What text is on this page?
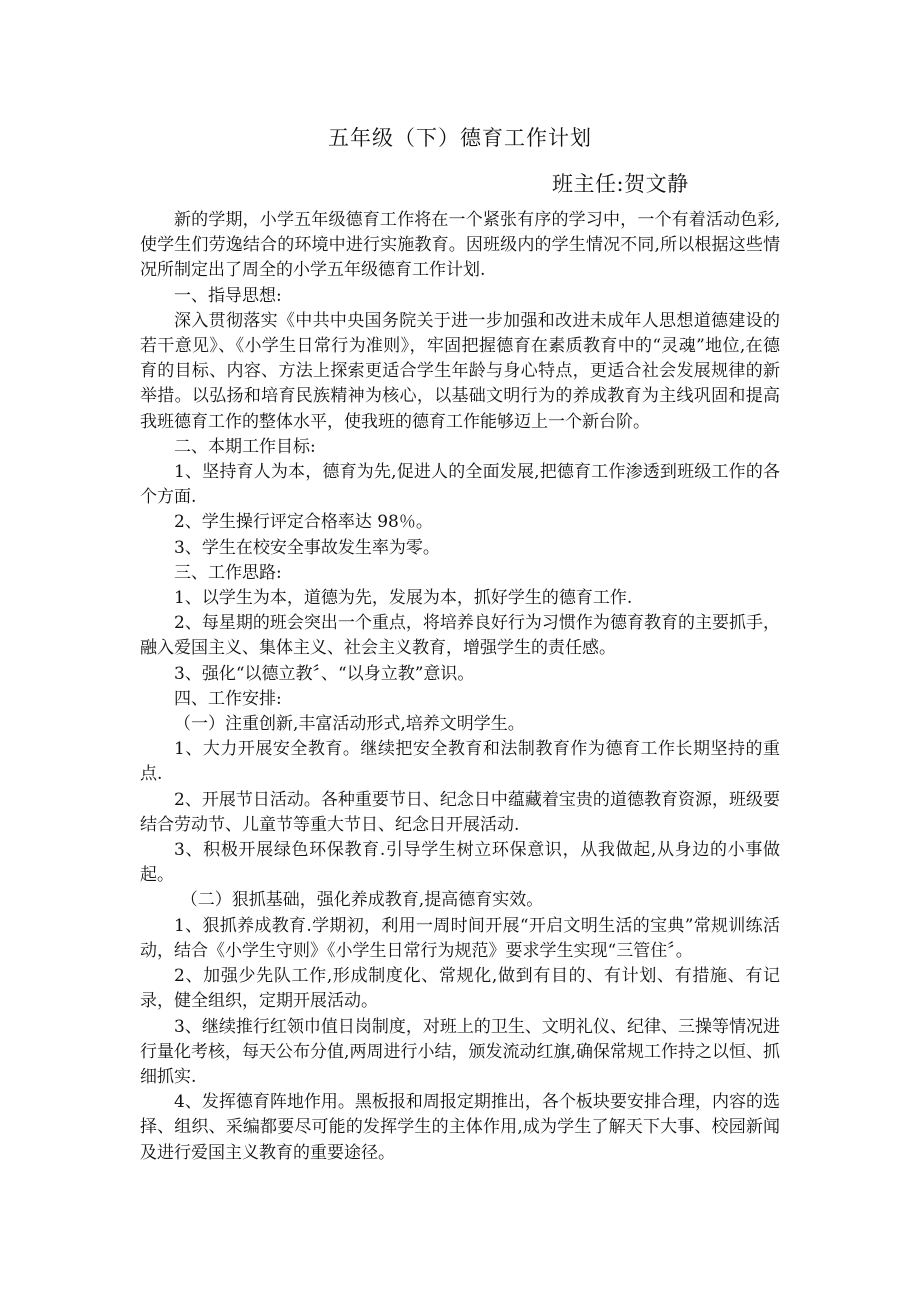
五年级（下）德育工作计划
班主任:贺文静

新的学期，小学五年级德育工作将在一个紧张有序的学习中，一个有着活动色彩,使学生们劳逸结合的环境中进行实施教育。因班级内的学生情况不同,所以根据这些情况所制定出了周全的小学五年级德育工作计划.

一、指导思想:

深入贯彻落实《中共中央国务院关于进一步加强和改进未成年人思想道德建设的若干意见》、《小学生日常行为准则》，牢固把握德育在素质教育中的“灵魂”地位,在德育的目标、内容、方法上探索更适合学生年龄与身心特点，更适合社会发展规律的新举措。以弘扬和培育民族精神为核心，以基础文明行为的养成教育为主线巩固和提高我班德育工作的整体水平，使我班的德育工作能够迈上一个新台阶。

二、本期工作目标:

1、坚持育人为本，德育为先,促进人的全面发展,把德育工作渗透到班级工作的各个方面.

2、学生操行评定合格率达 98％。

3、学生在校安全事故发生率为零。

三、工作思路:

1、以学生为本，道德为先，发展为本，抓好学生的德育工作.

2、每星期的班会突出一个重点，将培养良好行为习惯作为德育教育的主要抓手，融入爱国主义、集体主义、社会主义教育，增强学生的责任感。

3、强化“以德立教〞、“以身立教”意识。

四、工作安排:

（一）注重创新,丰富活动形式,培养文明学生。

1、大力开展安全教育。继续把安全教育和法制教育作为德育工作长期坚持的重点.

2、开展节日活动。各种重要节日、纪念日中蕴藏着宝贵的道德教育资源，班级要结合劳动节、儿童节等重大节日、纪念日开展活动.

3、积极开展绿色环保教育.引导学生树立环保意识，从我做起,从身边的小事做起。

（二）狠抓基础，强化养成教育,提高德育实效。

1、狠抓养成教育.学期初，利用一周时间开展“开启文明生活的宝典”常规训练活动，结合《小学生守则》《小学生日常行为规范》要求学生实现“三管住〞。

2、加强少先队工作,形成制度化、常规化,做到有目的、有计划、有措施、有记录，健全组织，定期开展活动。

3、继续推行红领巾值日岗制度，对班上的卫生、文明礼仪、纪律、三操等情况进行量化考核，每天公布分值,两周进行小结，颁发流动红旗,确保常规工作持之以恒、抓细抓实.

4、发挥德育阵地作用。黑板报和周报定期推出，各个板块要安排合理，内容的选择、组织、采编都要尽可能的发挥学生的主体作用,成为学生了解天下大事、校园新闻及进行爱国主义教育的重要途径。
